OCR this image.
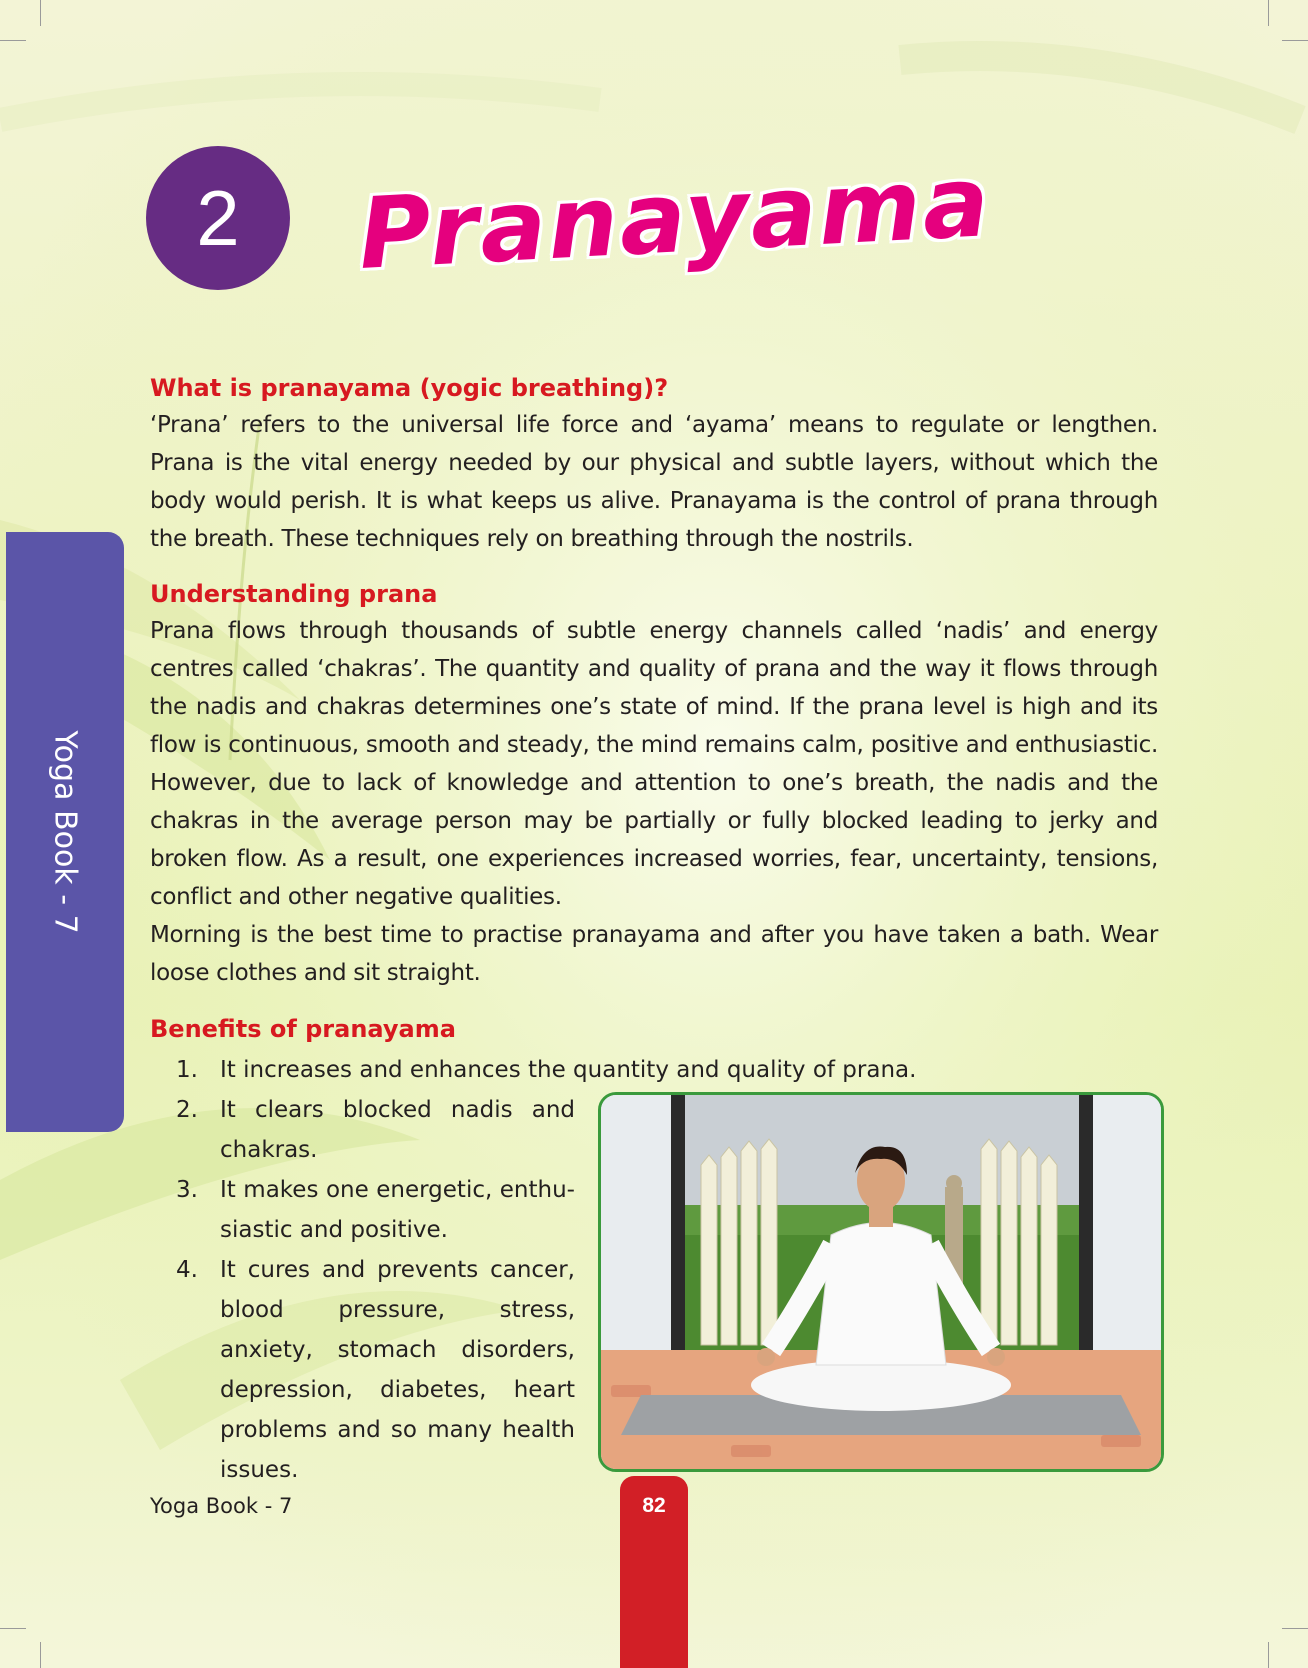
Yoga Book - 7
2 Pranayama
What is pranayama (yogic breathing)?

‘Prana’ refers to the universal life force and ‘ayama’ means to regulate or lengthen. Prana is the vital energy needed by our physical and subtle layers, without which the body would perish. It is what keeps us alive. Pranayama is the control of prana through the breath. These techniques rely on breathing through the nostrils.

Understanding prana

Prana flows through thousands of subtle energy channels called ‘nadis’ and energy centres called ‘chakras’. The quantity and quality of prana and the way it flows through the nadis and chakras determines one’s state of mind. If the prana level is high and its flow is continuous, smooth and steady, the mind remains calm, positive and enthusiastic. However, due to lack of knowledge and attention to one’s breath, the nadis and the chakras in the average person may be partially or fully blocked leading to jerky and broken flow. As a result, one experiences increased worries, fear, uncertainty, tensions, conflict and other negative qualities.

Morning is the best time to practise pranayama and after you have taken a bath. Wear loose clothes and sit straight.

Benefits of pranayama
1. It increases and enhances the quantity and quality of prana.
2. It clears blocked nadis and chakras.
3. It makes one energetic, enthu-siastic and positive.
4. It cures and prevents cancer, blood pressure, stress, anxiety, stomach disorders, depression, diabetes, heart problems and so many health issues.
Yoga Book - 7	82
